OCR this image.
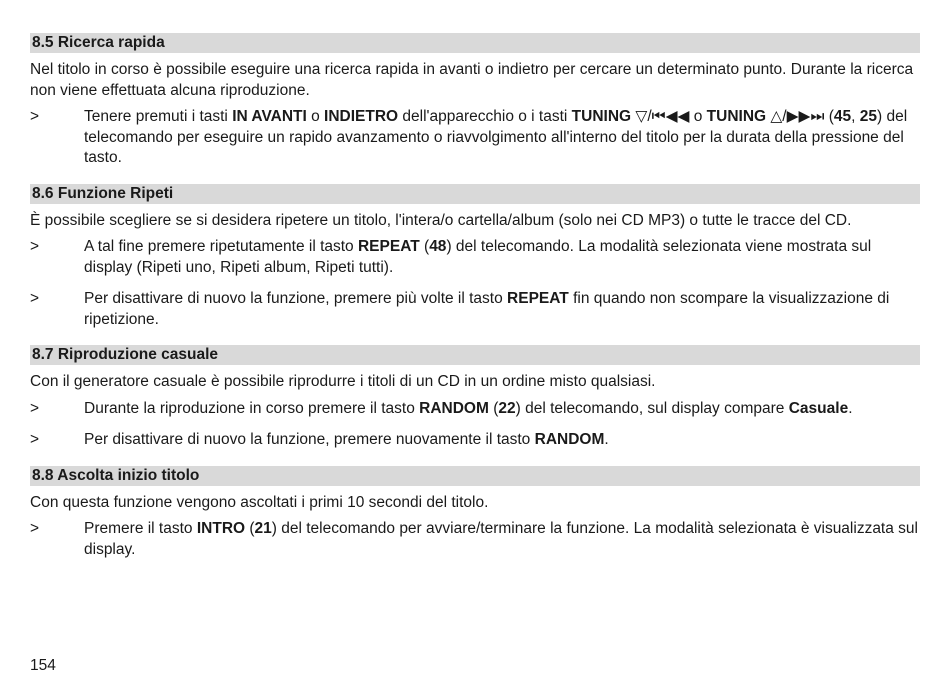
8.5 Ricerca rapida

Nel titolo in corso è possibile eseguire una ricerca rapida in avanti o indietro per cercare un determinato punto. Durante la ricerca non viene effettuata alcuna riproduzione.

>	Tenere premuti i tasti IN AVANTI o INDIETRO dell'apparecchio o i tasti TUNING ▽/⏮◀◀ o TUNING △/▶▶⏭ (45, 25) del telecomando per eseguire un rapido avanzamento o riavvolgimento all'interno del titolo per la durata della pressione del tasto.
8.6 Funzione Ripeti

È possibile scegliere se si desidera ripetere un titolo, l'intera/o cartella/album (solo nei CD MP3) o tutte le tracce del CD.

>	A tal fine premere ripetutamente il tasto REPEAT (48) del telecomando. La modalità selezionata viene mostrata sul display (Ripeti uno, Ripeti album, Ripeti tutti).
>	Per disattivare di nuovo la funzione, premere più volte il tasto REPEAT fin quando non scompare la visualizzazione di ripetizione.
8.7 Riproduzione casuale

Con il generatore casuale è possibile riprodurre i titoli di un CD in un ordine misto qualsiasi.

>	Durante la riproduzione in corso premere il tasto RANDOM (22) del telecomando, sul display compare Casuale.
>	Per disattivare di nuovo la funzione, premere nuovamente il tasto RANDOM.
8.8 Ascolta inizio titolo

Con questa funzione vengono ascoltati i primi 10 secondi del titolo.

>	Premere il tasto INTRO (21) del telecomando per avviare/terminare la funzione. La modalità selezionata è visualizzata sul display.
154
